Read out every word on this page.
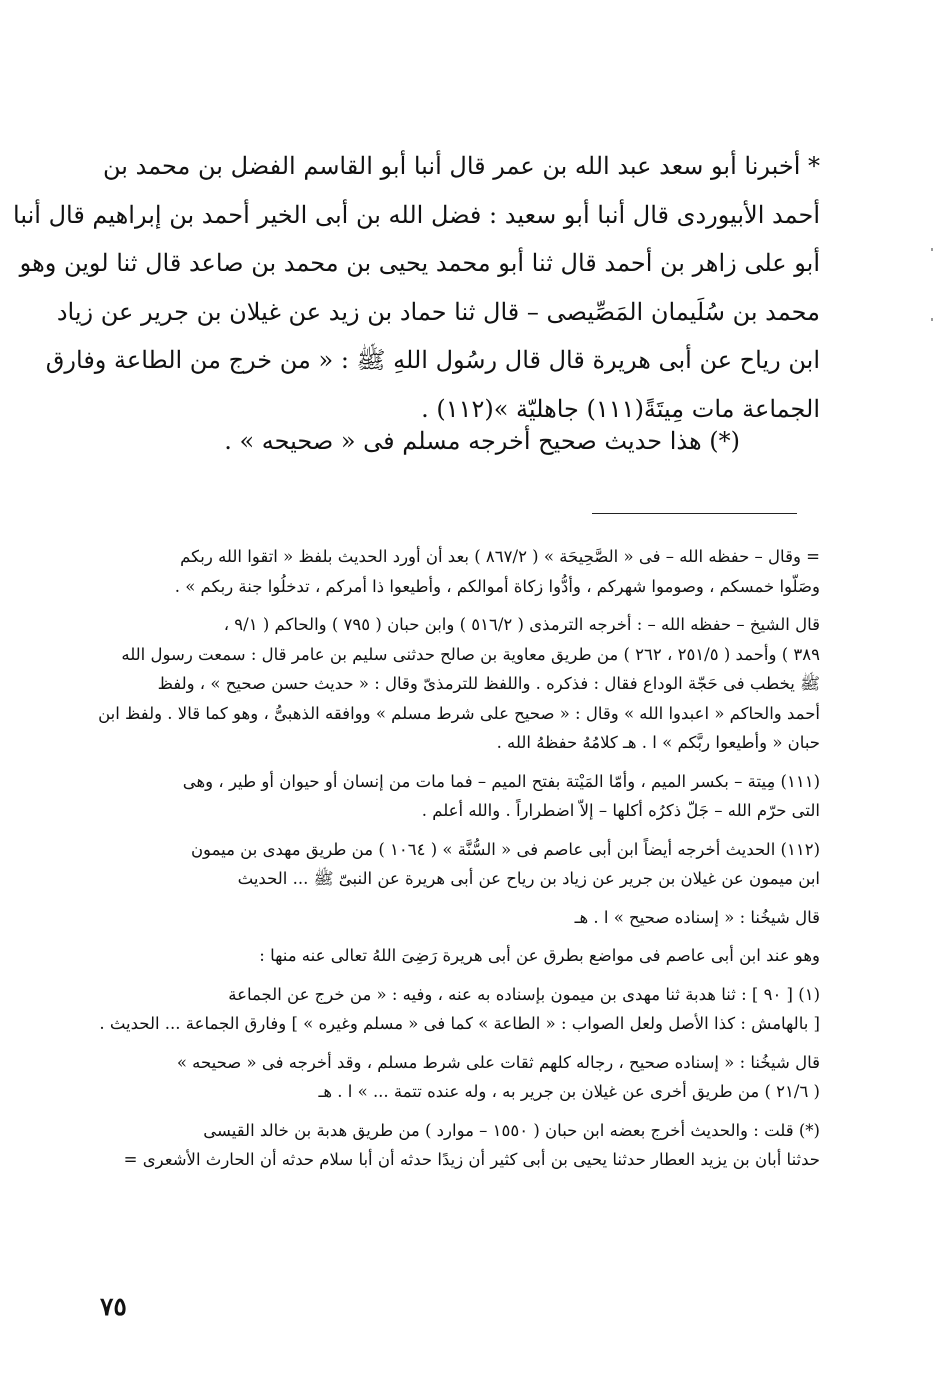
* أخبرنا أبو سعد عبد الله بن عمر قال أنبا أبو القاسم الفضل بن محمد بن
أحمد الأبيوردى قال أنبا أبو سعيد : فضل الله بن أبى الخير أحمد بن إبراهيم قال أنبا
أبو على زاهر بن أحمد قال ثنا أبو محمد يحيى بن محمد بن صاعد قال ثنا لوين وهو
محمد بن سُلَيمان المَصِّيصى – قال ثنا حماد بن زيد عن غيلان بن جرير عن زياد
ابن رياح عن أبى هريرة قال قال رسُول اللهِ ﷺ : « من خرج من الطاعة وفارق
الجماعة مات مِيتَةً(١١١) جاهليّة »(١١٢) .
(*) هذا حديث صحيح أخرجه مسلم فى « صحيحه » .
= وقال – حفظه الله – فى « الصَّحِيحَة » ( ٨٦٧/٢ ) بعد أن أورد الحديث بلفظ « اتقوا الله ربكم
وصَلّوا خمسكم ، وصوموا شهركم ، وأدُّوا زكاة أموالكم ، وأطيعوا ذا أمركم ، تدخلُوا جنة ربكم » .
قال الشيخ – حفظه الله – : أخرجه الترمذى ( ٥١٦/٢ ) وابن حبان ( ٧٩٥ ) والحاكم ( ٩/١ ،
٣٨٩ ) وأحمد ( ٢٥١/٥ ، ٢٦٢ ) من طريق معاوية بن صالح حدثنى سليم بن عامر قال : سمعت رسول الله
ﷺ يخطب فى حَجّة الوداع فقال : فذكره . واللفظ للترمذىّ وقال : « حديث حسن صحيح » ، ولفظ
أحمد والحاكم « اعبدوا الله » وقال : « صحيح على شرط مسلم » ووافقه الذهبىُّ ، وهو كما قالا . ولفظ ابن
حبان « وأطيعوا ربَّكم » ا . هـ كلامُهُ حفظهُ الله .
(١١١) مِيتة – بكسر الميم ، وأمّا المَيْتة بفتح الميم – فما مات من إنسان أو حيوان أو طير ، وهى
التى حرّم الله – جَلّ ذكرُه أكلها – إلاّ اضطراراً . والله أعلم .
(١١٢) الحديث أخرجه أيضاً ابن أبى عاصم فى « السُّنَّة » ( ١٠٦٤ ) من طريق مهدى بن ميمون
ابن ميمون عن غيلان بن جرير عن زياد بن رياح عن أبى هريرة عن النبىّ ﷺ ... الحديث
قال شيخُنا : « إسناده صحيح » ا . هـ
وهو عند ابن أبى عاصم فى مواضع بطرق عن أبى هريرة رَضِىَ اللهُ تعالى عنه منها :
(١) [ ٩٠ ] : ثنا هدبة ثنا مهدى بن ميمون بإسناده به عنه ، وفيه : « من خرج عن الجماعة
[ بالهامش : كذا الأصل ولعل الصواب : « الطاعة » كما فى « مسلم وغيره » ] وفارق الجماعة ... الحديث .
قال شيخُنا : « إسناده صحيح ، رجاله كلهم ثقات على شرط مسلم ، وقد أخرجه فى « صحيحه »
( ٢١/٦ ) من طريق أخرى عن غيلان بن جرير به ، وله عنده تتمة ... » ا . هـ
(*) قلت : والحديث أخرج بعضه ابن حبان ( ١٥٥٠ – موارد ) من طريق هدبة بن خالد القيسى
حدثنا أبان بن يزيد العطار حدثنا يحيى بن أبى كثير أن زيدًا حدثه أن أبا سلام حدثه أن الحارث الأشعرى =
٧٥
